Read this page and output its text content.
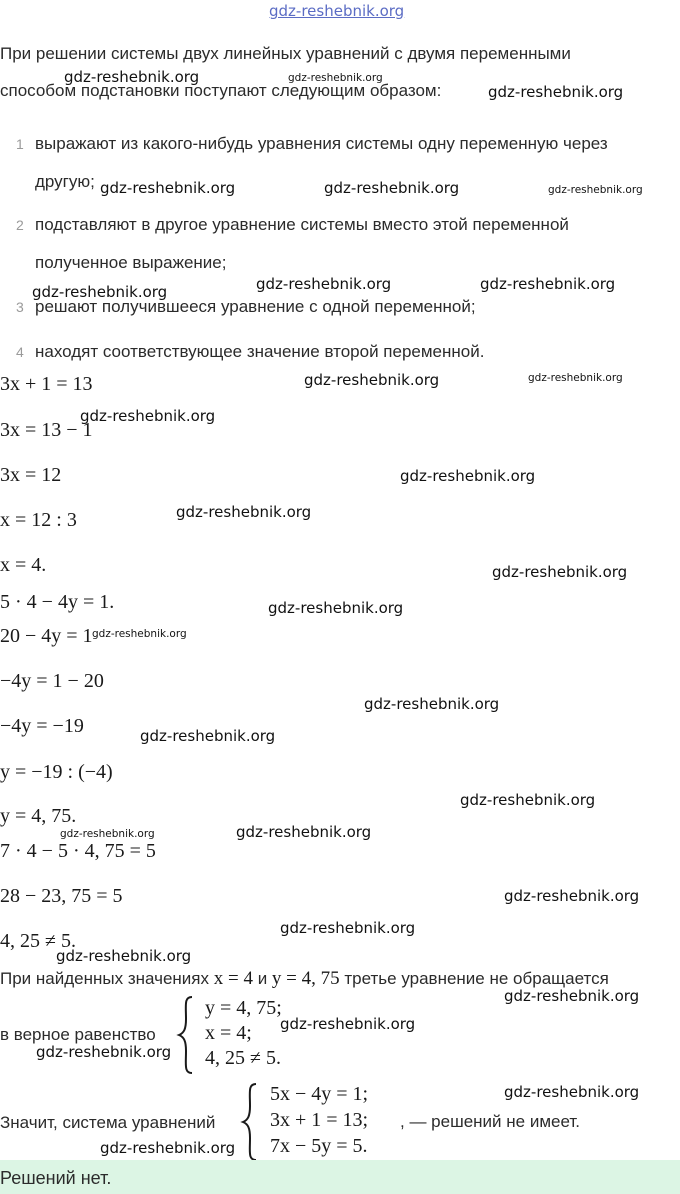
gdz-reshebnik.org
При решении системы двух линейных уравнений с двумя переменными
способом подстановки поступают следующим образом:
1 выражают из какого-нибудь уравнения системы одну переменную через
другую;
2 подставляют в другое уравнение системы вместо этой переменной
полученное выражение;
3 решают получившееся уравнение с одной переменной;
4 находят соответствующее значение второй переменной.
3x + 1 = 13
3x = 13 − 1
3x = 12
x = 12 : 3
x = 4.
5 · 4 − 4y = 1.
20 − 4y = 1
−4y = 1 − 20
−4y = −19
y = −19 : (−4)
y = 4, 75.
7 · 4 − 5 · 4, 75 = 5
28 − 23, 75 = 5
4, 25 ≠ 5.
При найденных значениях x = 4 и y = 4, 75 третье уравнение не обращается
в верное равенство
y = 4, 75;
x = 4;
4, 25 ≠ 5.
Значит, система уравнений
5x − 4y = 1;
3x + 1 = 13;
7x − 5y = 5.
, — решений не имеет.
Решений нет.
gdz-reshebnik.org	gdz-reshebnik.org
gdz-reshebnik.org
gdz-reshebnik.org	gdz-reshebnik.org	gdz-reshebnik.org
gdz-reshebnik.org	gdz-reshebnik.org
gdz-reshebnik.org
gdz-reshebnik.org	gdz-reshebnik.org
gdz-reshebnik.org
gdz-reshebnik.org
gdz-reshebnik.org
gdz-reshebnik.org
gdz-reshebnik.org
gdz-reshebnik.org
gdz-reshebnik.org
gdz-reshebnik.org
gdz-reshebnik.org
gdz-reshebnik.org	gdz-reshebnik.org
gdz-reshebnik.org
gdz-reshebnik.org
gdz-reshebnik.org
gdz-reshebnik.org
gdz-reshebnik.org
gdz-reshebnik.org
gdz-reshebnik.org
gdz-reshebnik.org
